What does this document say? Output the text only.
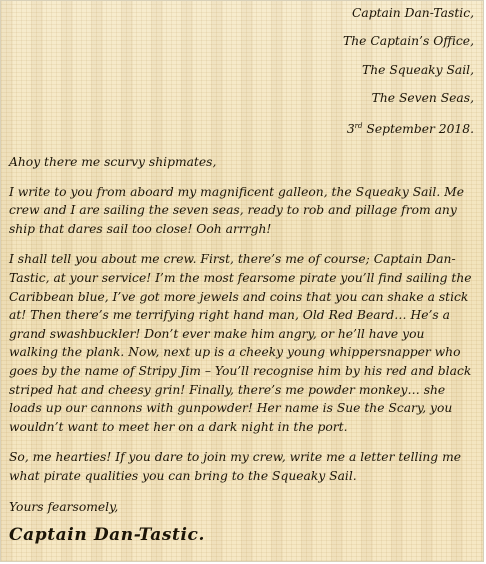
Captain Dan-Tastic,
The Captain’s Office,
The Squeaky Sail,
The Seven Seas,
3rd September 2018.

Ahoy there me scurvy shipmates,

I write to you from aboard my magnificent galleon, the Squeaky Sail. Me crew and I are sailing the seven seas, ready to rob and pillage from any ship that dares sail too close! Ooh arrrgh!

I shall tell you about me crew. First, there’s me of course; Captain Dan-Tastic, at your service! I’m the most fearsome pirate you’ll find sailing the Caribbean blue, I’ve got more jewels and coins that you can shake a stick at! Then there’s me terrifying right hand man, Old Red Beard… He’s a grand swashbuckler! Don’t ever make him angry, or he’ll have you walking the plank. Now, next up is a cheeky young whippersnapper who goes by the name of Stripy Jim – You’ll recognise him by his red and black striped hat and cheesy grin! Finally, there’s me powder monkey… she loads up our cannons with gunpowder! Her name is Sue the Scary, you wouldn’t want to meet her on a dark night in the port.

So, me hearties! If you dare to join my crew, write me a letter telling me what pirate qualities you can bring to the Squeaky Sail.

Yours fearsomely,

Captain Dan-Tastic.
